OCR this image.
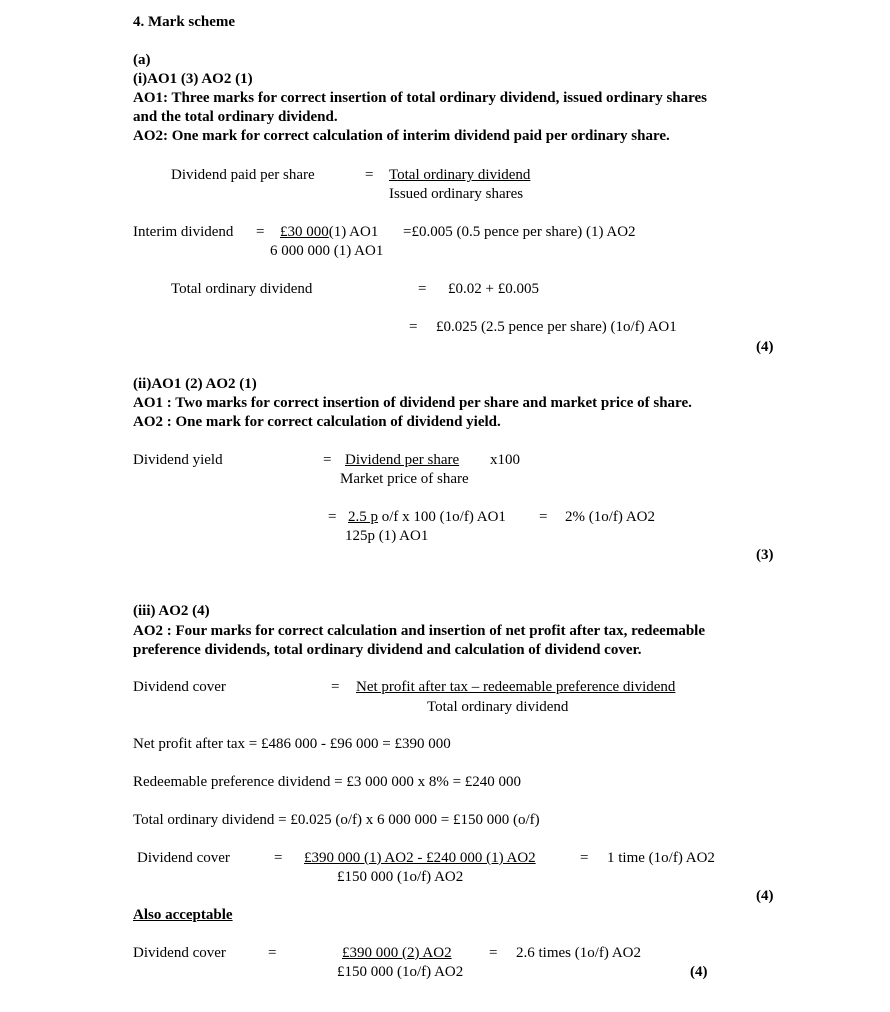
4. Mark scheme
(a)
(i)AO1 (3) AO2 (1)
AO1: Three marks for correct insertion of total ordinary dividend, issued ordinary shares
and the total ordinary dividend.
AO2: One mark for correct calculation of interim dividend paid per ordinary share.
Dividend paid per share	= Total ordinary dividend
Issued ordinary shares
Interim dividend = £30 000(1) AO1 =£0.005 (0.5 pence per share) (1) AO2
6 000 000 (1) AO1
Total ordinary dividend	= £0.02 + £0.005
= £0.025 (2.5 pence per share) (1o/f) AO1
(4)
(ii)AO1 (2) AO2 (1)
AO1 : Two marks for correct insertion of dividend per share and market price of share.
AO2 : One mark for correct calculation of dividend yield.
Dividend yield	= Dividend per share x100
Market price of share
= 2.5 p o/f x 100 (1o/f) AO1 = 2% (1o/f) AO2
125p (1) AO1
(3)
(iii) AO2 (4)
AO2 : Four marks for correct calculation and insertion of net profit after tax, redeemable
preference dividends, total ordinary dividend and calculation of dividend cover.
Dividend cover	= Net profit after tax – redeemable preference dividend
Total ordinary dividend
Net profit after tax = £486 000 - £96 000 = £390 000
Redeemable preference dividend = £3 000 000 x 8% = £240 000
Total ordinary dividend = £0.025 (o/f) x 6 000 000 = £150 000 (o/f)
Dividend cover	= £390 000 (1) AO2 - £240 000 (1) AO2	= 1 time (1o/f) AO2
£150 000 (1o/f) AO2
(4)
Also acceptable
Dividend cover	=	£390 000 (2) AO2 = 2.6 times (1o/f) AO2
£150 000 (1o/f) AO2	(4)
